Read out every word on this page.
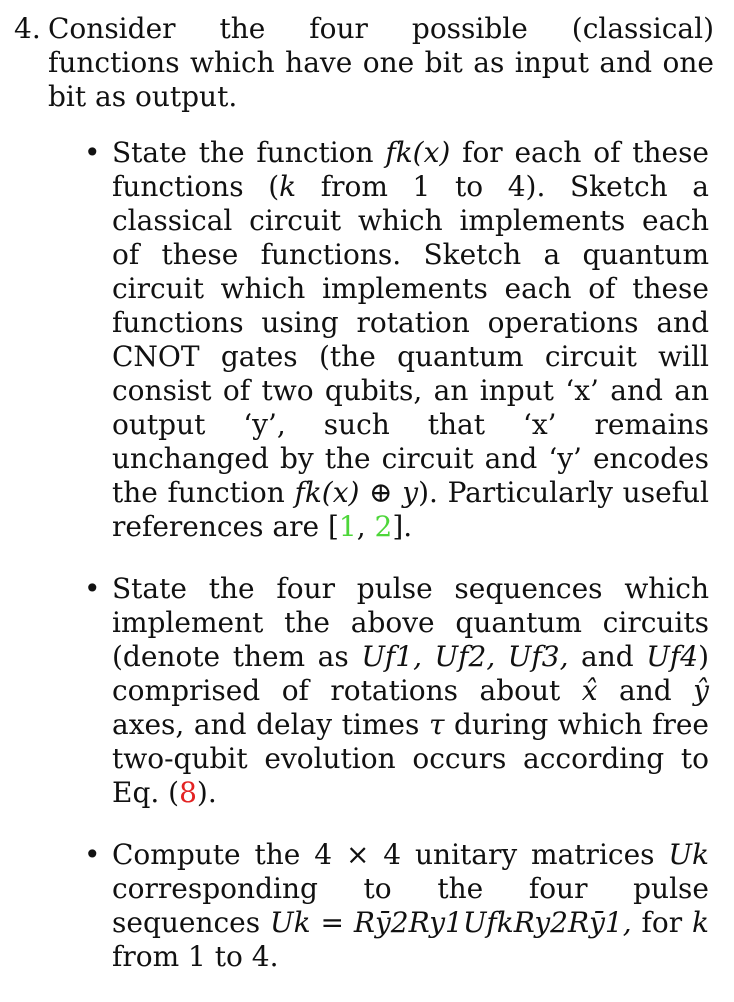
4. Consider the four possible (classical) functions which have one bit as input and one bit as output.
• State the function fk(x) for each of these functions (k from 1 to 4). Sketch a classical circuit which implements each of these functions. Sketch a quantum circuit which implements each of these functions using rotation operations and CNOT gates (the quantum circuit will consist of two qubits, an input ‘x’ and an output ‘y’, such that ‘x’ remains unchanged by the circuit and ‘y’ encodes the function fk(x) ⊕ y). Particularly useful references are [1, 2].
• State the four pulse sequences which implement the above quantum circuits (denote them as Uf1, Uf2, Uf3, and Uf4) comprised of rotations about x̂ and ŷ axes, and delay times τ during which free two-qubit evolution occurs according to Eq. (8).
• Compute the 4 × 4 unitary matrices Uk corresponding to the four pulse sequences Uk = Rȳ2Ry1UfkRy2Rȳ1, for k from 1 to 4.
